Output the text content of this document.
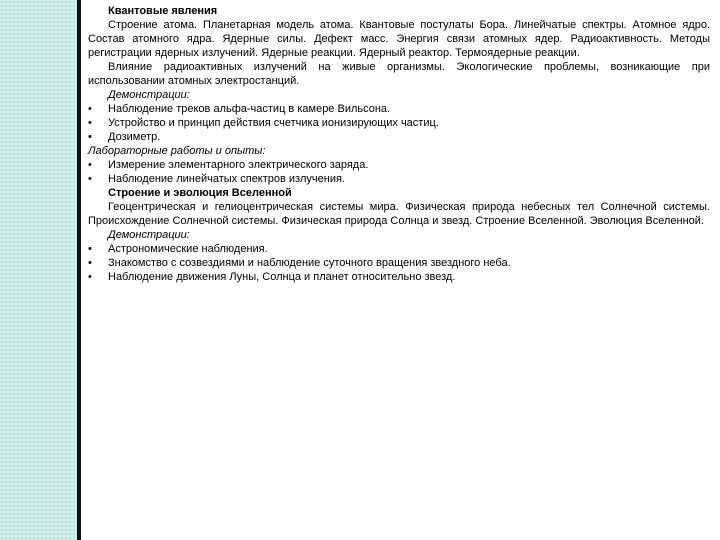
Квантовые явления

Строение атома. Планетарная модель атома. Квантовые постулаты Бора. Линейчатые спектры. Атомное ядро. Состав атомного ядра. Ядерные силы. Дефект масс. Энергия связи атомных ядер. Радиоактивность. Методы регистрации ядерных излучений. Ядерные реакции. Ядерный реактор. Термоядерные реакции.

Влияние радиоактивных излучений на живые организмы. Экологические проблемы, возникающие при использовании атомных электростанций.

Демонстрации:

• Наблюдение треков альфа-частиц в камере Вильсона.
• Устройство и принцип действия счетчика ионизирующих частиц.
• Дозиметр.

Лабораторные работы и опыты:

• Измерение элементарного электрического заряда.
• Наблюдение линейчатых спектров излучения.

Строение и эволюция Вселенной

Геоцентрическая и гелиоцентрическая системы мира. Физическая природа небесных тел Солнечной системы. Происхождение Солнечной системы. Физическая природа Солнца и звезд. Строение Вселенной. Эволюция Вселенной.

Демонстрации:

• Астрономические наблюдения.
• Знакомство с созвездиями и наблюдение суточного вращения звездного неба.
• Наблюдение движения Луны, Солнца и планет относительно звезд.
